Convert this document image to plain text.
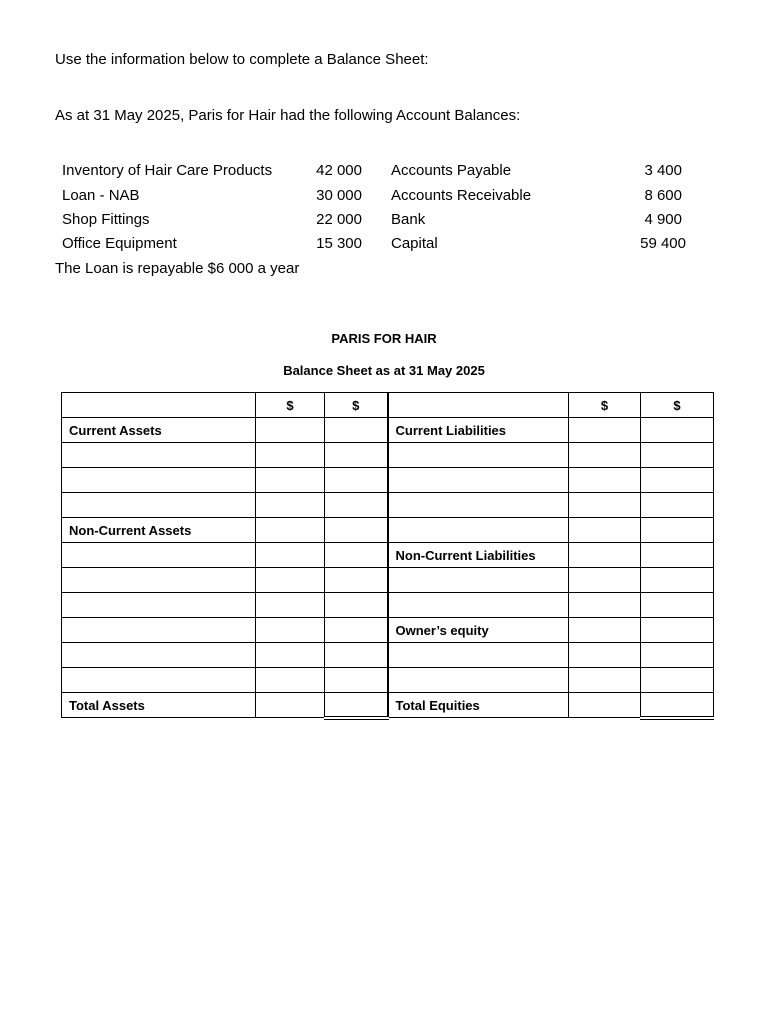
Use the information below to complete a Balance Sheet:
As at 31 May 2025, Paris for Hair had the following Account Balances:
Inventory of Hair Care Products	42 000 Accounts Payable	3 400
Loan - NAB	30 000 Accounts Receivable	8 600
Shop Fittings	22 000 Bank	4 900
Office Equipment	15 300 Capital	59 400
The Loan is repayable $6 000 a year
PARIS FOR HAIR
Balance Sheet as at 31 May 2025
	$	$		$	$
Current Assets			Current Liabilities		

Non-Current Assets					
			Non-Current Liabilities		

			Owner’s equity		

Total Assets			Total Equities		
